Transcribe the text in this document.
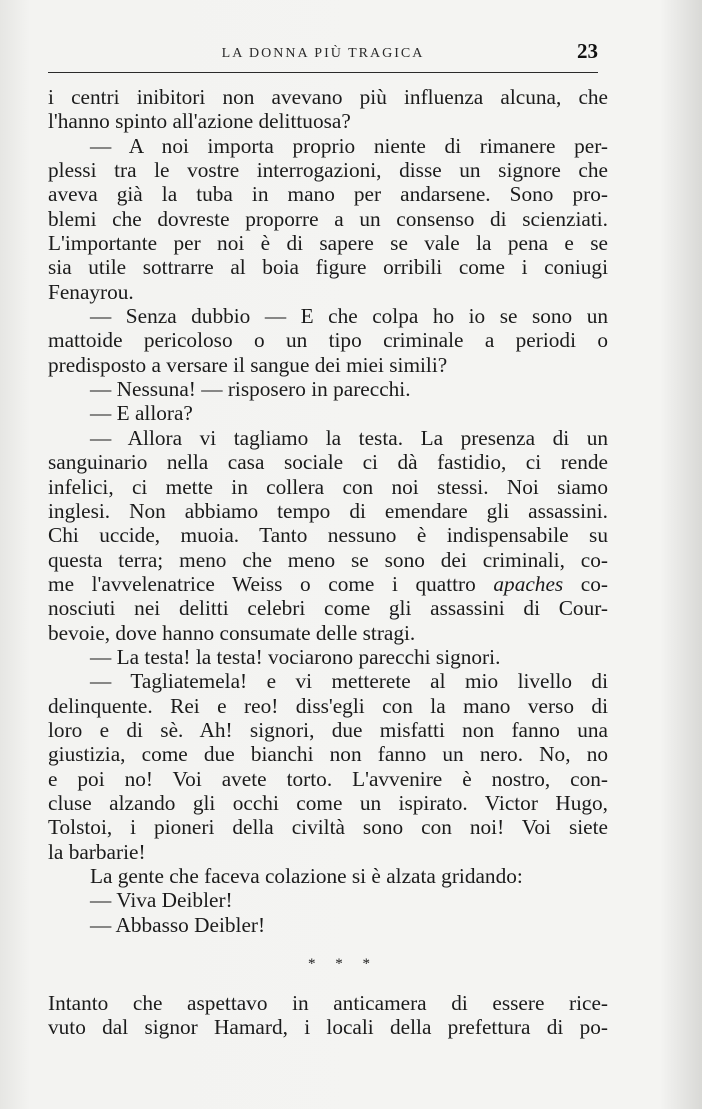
LA DONNA PIÙ TRAGICA	23
i centri inibitori non avevano più influenza alcuna, che
l'hanno spinto all'azione delittuosa?
— A noi importa proprio niente di rimanere per-
plessi tra le vostre interrogazioni, disse un signore che
aveva già la tuba in mano per andarsene. Sono pro-
blemi che dovreste proporre a un consenso di scienziati.
L'importante per noi è di sapere se vale la pena e se
sia utile sottrarre al boia figure orribili come i coniugi
Fenayrou.
— Senza dubbio — E che colpa ho io se sono un
mattoide pericoloso o un tipo criminale a periodi o
predisposto a versare il sangue dei miei simili?
— Nessuna! — risposero in parecchi.
— E allora?
— Allora vi tagliamo la testa. La presenza di un
sanguinario nella casa sociale ci dà fastidio, ci rende
infelici, ci mette in collera con noi stessi. Noi siamo
inglesi. Non abbiamo tempo di emendare gli assassini.
Chi uccide, muoia. Tanto nessuno è indispensabile su
questa terra; meno che meno se sono dei criminali, co-
me l'avvelenatrice Weiss o come i quattro apaches co-
nosciuti nei delitti celebri come gli assassini di Cour-
bevoie, dove hanno consumate delle stragi.
— La testa! la testa! vociarono parecchi signori.
— Tagliatemela! e vi metterete al mio livello di
delinquente. Rei e reo! diss'egli con la mano verso di
loro e di sè. Ah! signori, due misfatti non fanno una
giustizia, come due bianchi non fanno un nero. No, no
e poi no! Voi avete torto. L'avvenire è nostro, con-
cluse alzando gli occhi come un ispirato. Victor Hugo,
Tolstoi, i pioneri della civiltà sono con noi! Voi siete
la barbarie!
La gente che faceva colazione si è alzata gridando:
— Viva Deibler!
— Abbasso Deibler!
* * *
Intanto che aspettavo in anticamera di essere rice-
vuto dal signor Hamard, i locali della prefettura di po-
